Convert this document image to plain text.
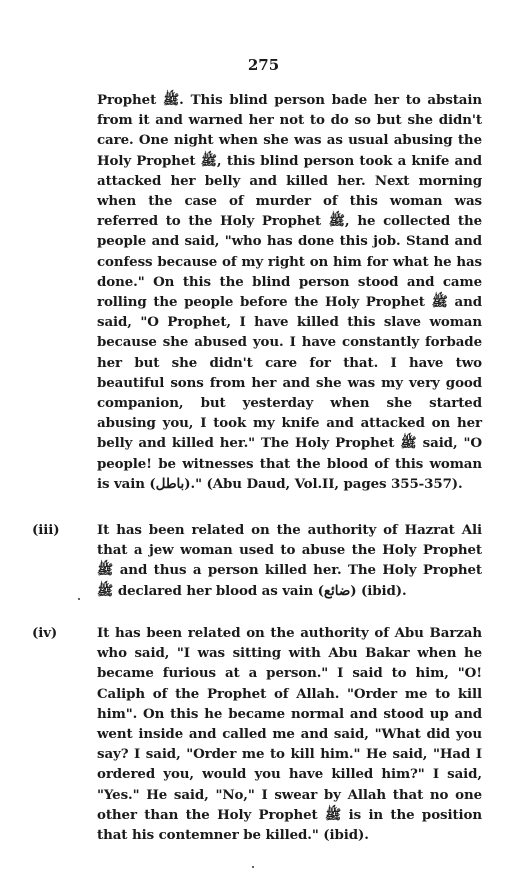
275
Prophet ﷺ. This blind person bade her to abstain from it and warned her not to do so but she didn't care. One night when she was as usual abusing the Holy Prophet ﷺ, this blind person took a knife and attacked her belly and killed her. Next morning when the case of murder of this woman was referred to the Holy Prophet ﷺ, he collected the people and said, "who has done this job. Stand and confess because of my right on him for what he has done." On this the blind person stood and came rolling the people before the Holy Prophet ﷺ and said, "O Prophet, I have killed this slave woman because she abused you. I have constantly forbade her but she didn't care for that. I have two beautiful sons from her and she was my very good companion, but yesterday when she started abusing you, I took my knife and attacked on her belly and killed her." The Holy Prophet ﷺ said, "O people! be witnesses that the blood of this woman is vain (باطل)." (Abu Daud, Vol.II, pages 355-357).
(iii)	It has been related on the authority of Hazrat Ali that a jew woman used to abuse the Holy Prophet ﷺ and thus a person killed her. The Holy Prophet ﷺ declared her blood as vain (ضائع) (ibid).
(iv)	It has been related on the authority of Abu Barzah who said, "I was sitting with Abu Bakar when he became furious at a person." I said to him, "O! Caliph of the Prophet of Allah. "Order me to kill him". On this he became normal and stood up and went inside and called me and said, "What did you say? I said, "Order me to kill him." He said, "Had I ordered you, would you have killed him?" I said, "Yes." He said, "No," I swear by Allah that no one other than the Holy Prophet ﷺ is in the position that his contemner be killed." (ibid).
